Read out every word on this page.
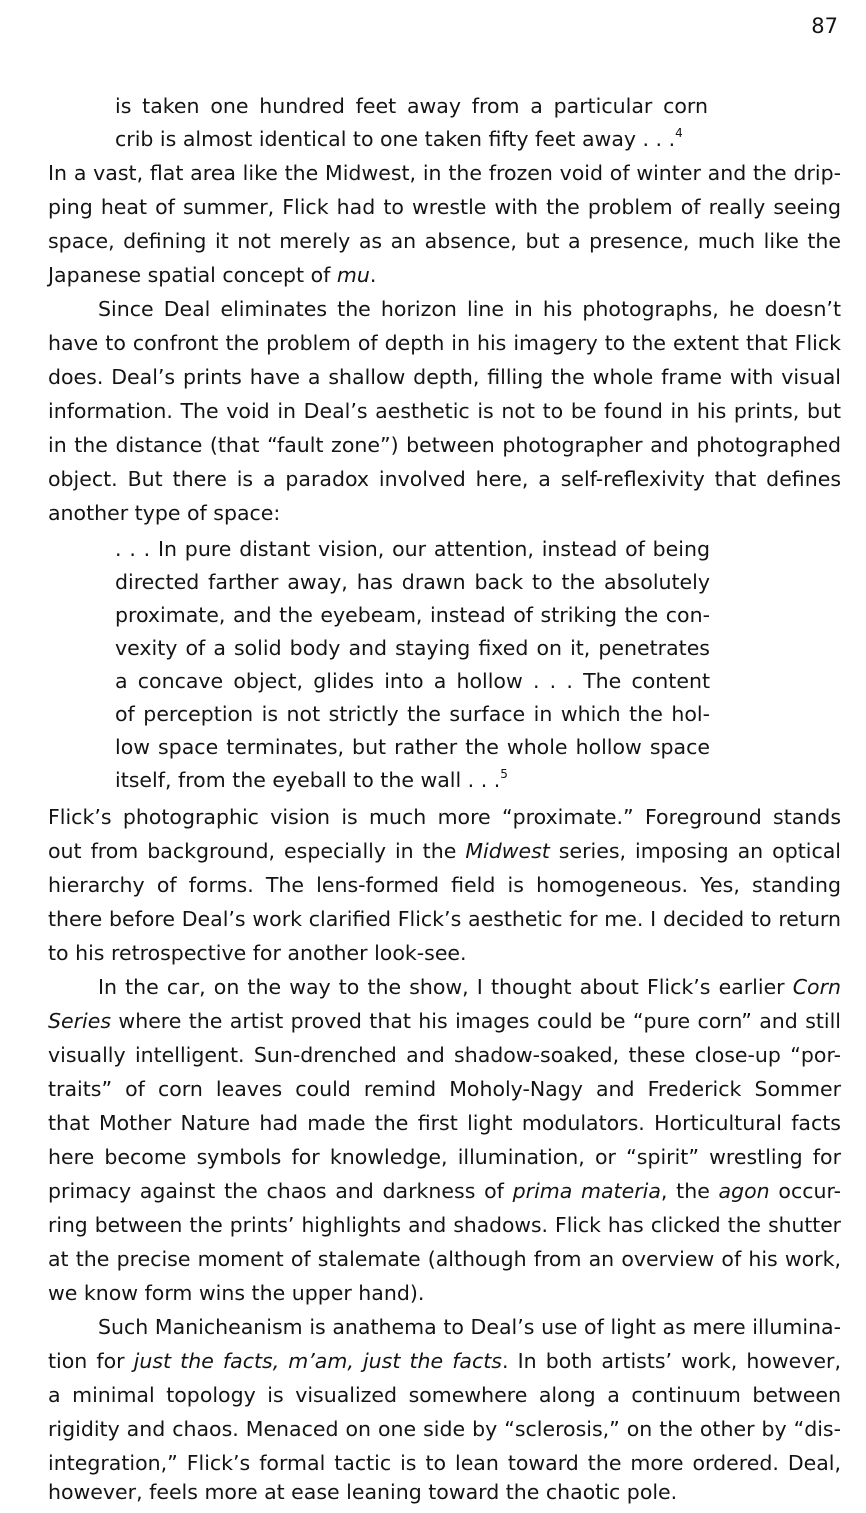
87
is taken one hundred feet away from a particular corn
crib is almost identical to one taken fifty feet away . . .$^4$
In a vast, flat area like the Midwest, in the frozen void of winter and the drip-
ping heat of summer, Flick had to wrestle with the problem of really seeing
space, defining it not merely as an absence, but a presence, much like the
Japanese spatial concept of mu.
Since Deal eliminates the horizon line in his photographs, he doesn’t
have to confront the problem of depth in his imagery to the extent that Flick
does. Deal’s prints have a shallow depth, filling the whole frame with visual
information. The void in Deal’s aesthetic is not to be found in his prints, but
in the distance (that “fault zone”) between photographer and photographed
object. But there is a paradox involved here, a self-reflexivity that defines
another type of space:
. . . In pure distant vision, our attention, instead of being
directed farther away, has drawn back to the absolutely
proximate, and the eyebeam, instead of striking the con-
vexity of a solid body and staying fixed on it, penetrates
a concave object, glides into a hollow . . . The content
of perception is not strictly the surface in which the hol-
low space terminates, but rather the whole hollow space
itself, from the eyeball to the wall . . .$^5$
Flick’s photographic vision is much more “proximate.” Foreground stands
out from background, especially in the Midwest series, imposing an optical
hierarchy of forms. The lens-formed field is homogeneous. Yes, standing
there before Deal’s work clarified Flick’s aesthetic for me. I decided to return
to his retrospective for another look-see.
In the car, on the way to the show, I thought about Flick’s earlier Corn
Series where the artist proved that his images could be “pure corn” and still
visually intelligent. Sun-drenched and shadow-soaked, these close-up “por-
traits” of corn leaves could remind Moholy-Nagy and Frederick Sommer
that Mother Nature had made the first light modulators. Horticultural facts
here become symbols for knowledge, illumination, or “spirit” wrestling for
primacy against the chaos and darkness of prima materia, the agon occur-
ring between the prints’ highlights and shadows. Flick has clicked the shutter
at the precise moment of stalemate (although from an overview of his work,
we know form wins the upper hand).
Such Manicheanism is anathema to Deal’s use of light as mere illumina-
tion for just the facts, m’am, just the facts. In both artists’ work, however,
a minimal topology is visualized somewhere along a continuum between
rigidity and chaos. Menaced on one side by “sclerosis,” on the other by “dis-
integration,” Flick’s formal tactic is to lean toward the more ordered. Deal,
however, feels more at ease leaning toward the chaotic pole.
